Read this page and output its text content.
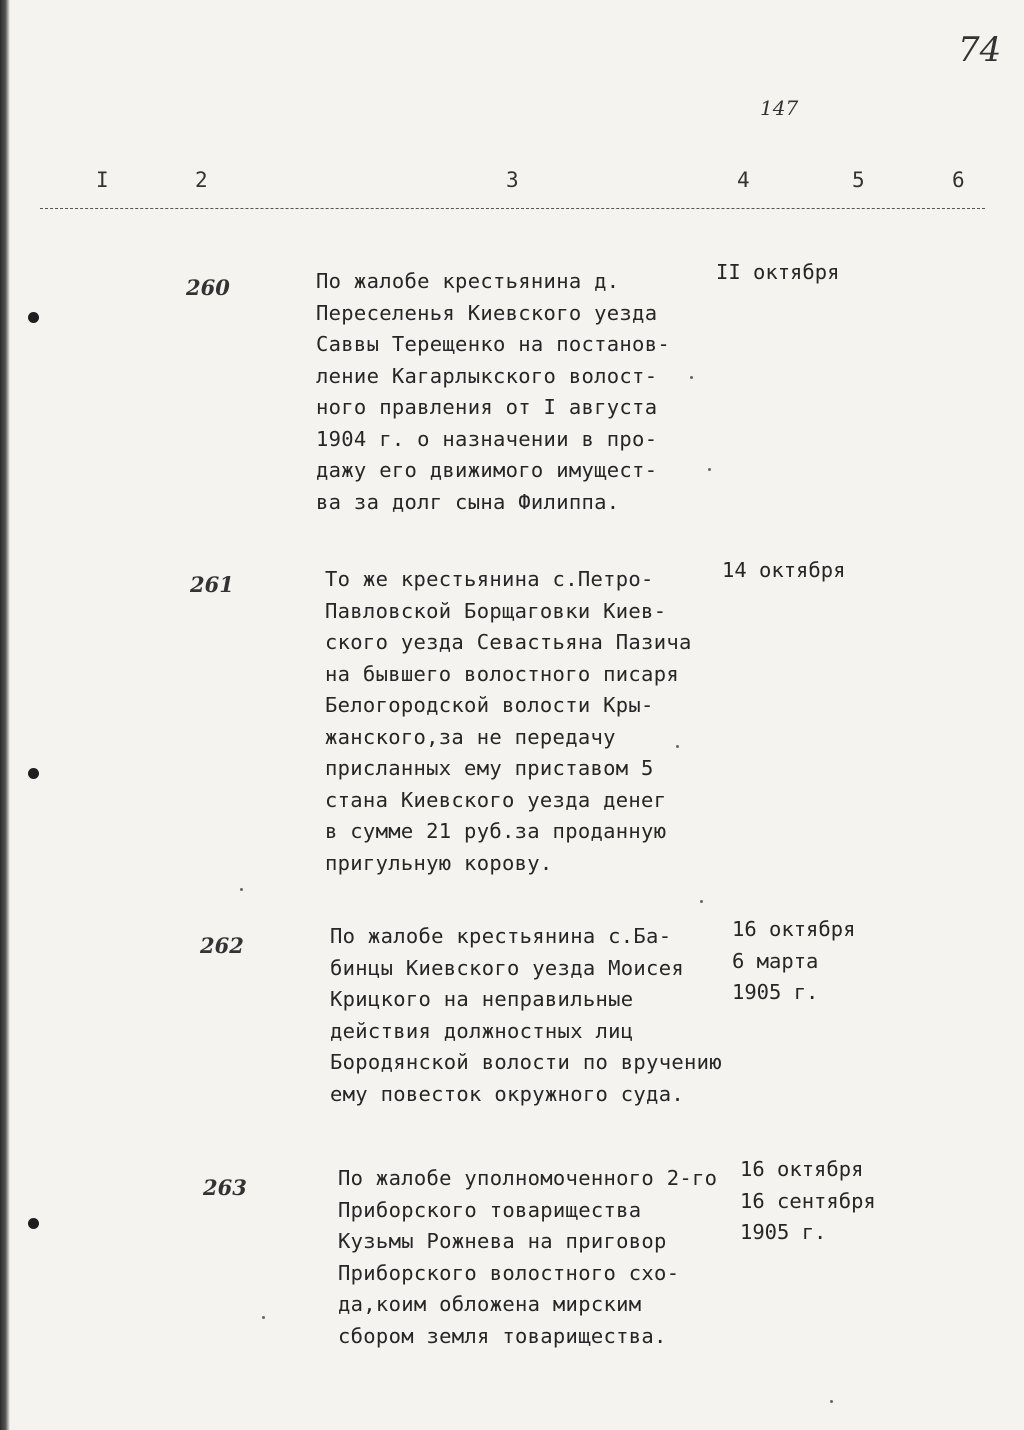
74
147
I	2	3	4	5	6
260	По жалобе крестьянина д.
Переселенья Киевского уезда
Саввы Терещенко на постанов-
ление Кагарлыкского волост-
ного правления от I августа
1904 г. о назначении в про-
дажу его движимого имущест-
ва за долг сына Филиппа.
II октября
261	То же крестьянина с.Петро-
Павловской Борщаговки Киев-
ского уезда Севастьяна Пазича
на бывшего волостного писаря
Белогородской волости Кры-
жанского,за не передачу
присланных ему приставом 5
стана Киевского уезда денег
в сумме 21 руб.за проданную
пригульную корову.
14 октября
262	По жалобе крестьянина с.Ба-
бинцы Киевского уезда Моисея
Крицкого на неправильные
действия должностных лиц
Бородянской волости по вручению
ему повесток окружного суда.
16 октября
6 марта
1905 г.
263	По жалобе уполномоченного 2-го
Приборского товарищества
Кузьмы Рожнева на приговор
Приборского волостного схо-
да,коим обложена мирским
сбором земля товарищества.
16 октября
16 сентября
1905 г.
